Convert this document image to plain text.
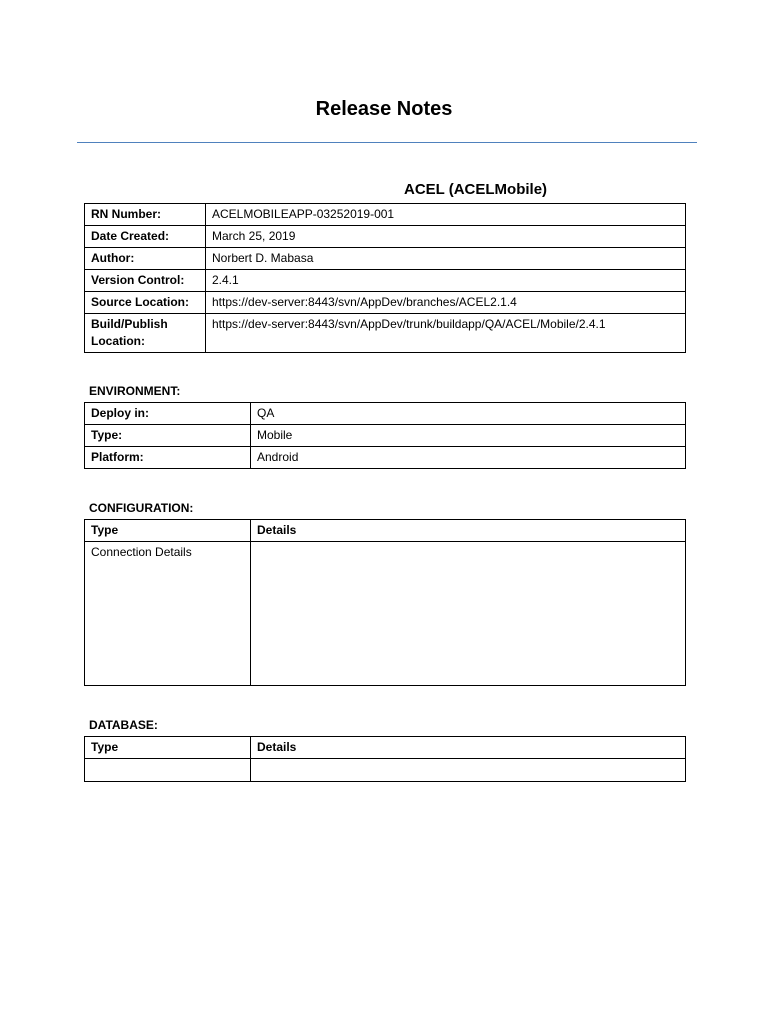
Release Notes
ACEL (ACELMobile)
RN Number:	ACELMOBILEAPP-03252019-001
Date Created:	March 25, 2019
Author:	Norbert D. Mabasa
Version Control:	2.4.1
Source Location:	https://dev-server:8443/svn/AppDev/branches/ACEL2.1.4
Build/Publish Location:	https://dev-server:8443/svn/AppDev/trunk/buildapp/QA/ACEL/Mobile/2.4.1
ENVIRONMENT:
Deploy in:	QA
Type:	Mobile
Platform:	Android
CONFIGURATION:
Type	Details
Connection Details	
DATABASE:
Type	Details
